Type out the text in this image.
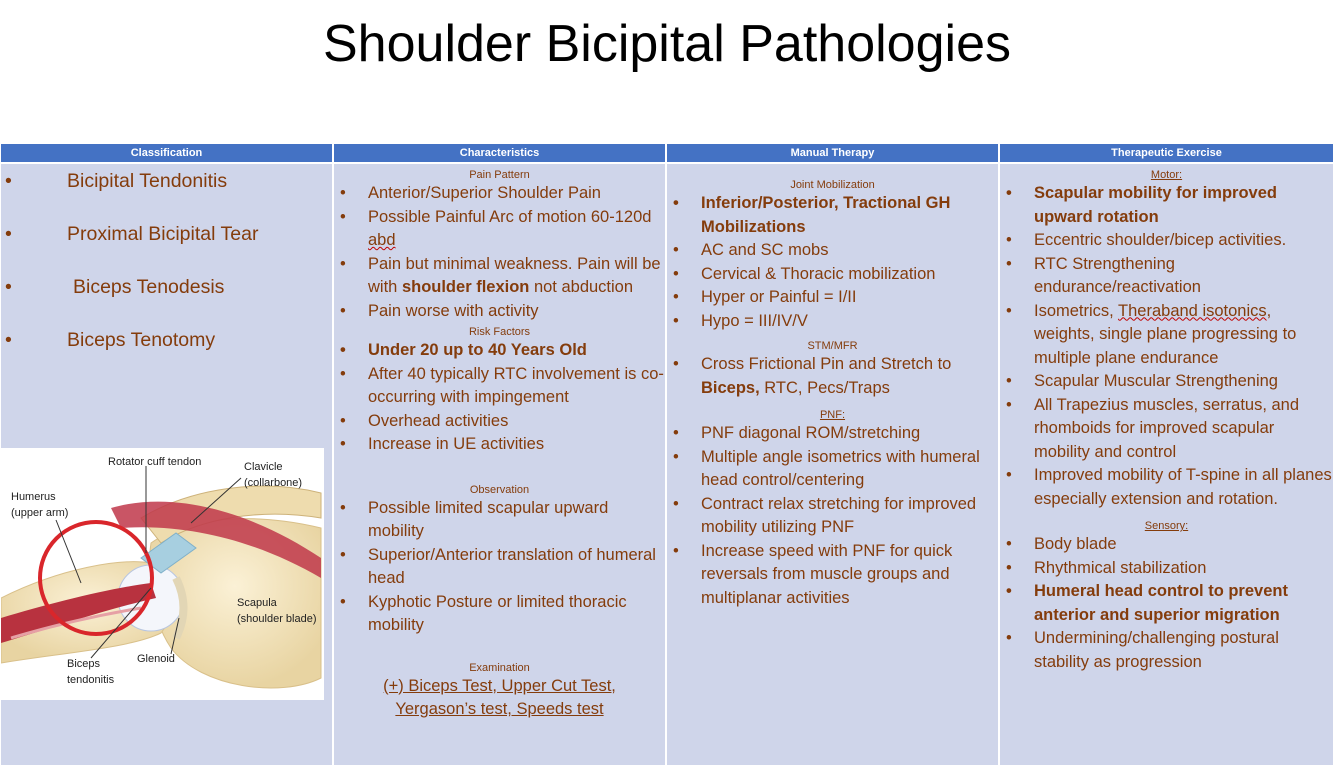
Shoulder Bicipital Pathologies
Classification	Characteristics	Manual Therapy	Therapeutic Exercise
• Bicipital Tendonitis
• Proximal Bicipital Tear
• Biceps Tenodesis
• Biceps Tenotomy
Rotator cuff tendon	Clavicle
(collarbone)
Humerus
(upper arm)
Scapula
(shoulder blade)
Glenoid
Biceps
tendonitis
Pain Pattern
• Anterior/Superior Shoulder Pain
• Possible Painful Arc of motion 60-120d abd
• Pain but minimal weakness. Pain will be with shoulder flexion not abduction
• Pain worse with activity
Risk Factors
• Under 20 up to 40 Years Old
• After 40 typically RTC involvement is co-occurring with impingement
• Overhead activities
• Increase in UE activities
Observation
• Possible limited scapular upward mobility
• Superior/Anterior translation of humeral head
• Kyphotic Posture or limited thoracic mobility
Examination
(+) Biceps Test, Upper Cut Test,
Yergason’s test, Speeds test
Joint Mobilization
• Inferior/Posterior, Tractional GH Mobilizations
• AC and SC mobs
• Cervical & Thoracic mobilization
• Hyper or Painful = I/II
• Hypo = III/IV/V
STM/MFR
• Cross Frictional Pin and Stretch to Biceps, RTC, Pecs/Traps
PNF:
• PNF diagonal ROM/stretching
• Multiple angle isometrics with humeral head control/centering
• Contract relax stretching for improved mobility utilizing PNF
• Increase speed with PNF for quick reversals from muscle groups and multiplanar activities
Motor:
• Scapular mobility for improved upward rotation
• Eccentric shoulder/bicep activities.
• RTC Strengthening endurance/reactivation
• Isometrics, Theraband isotonics, weights, single plane progressing to multiple plane endurance
• Scapular Muscular Strengthening
• All Trapezius muscles, serratus, and rhomboids for improved scapular mobility and control
• Improved mobility of T-spine in all planes especially extension and rotation.
Sensory:
• Body blade
• Rhythmical stabilization
• Humeral head control to prevent anterior and superior migration
• Undermining/challenging postural stability as progression
